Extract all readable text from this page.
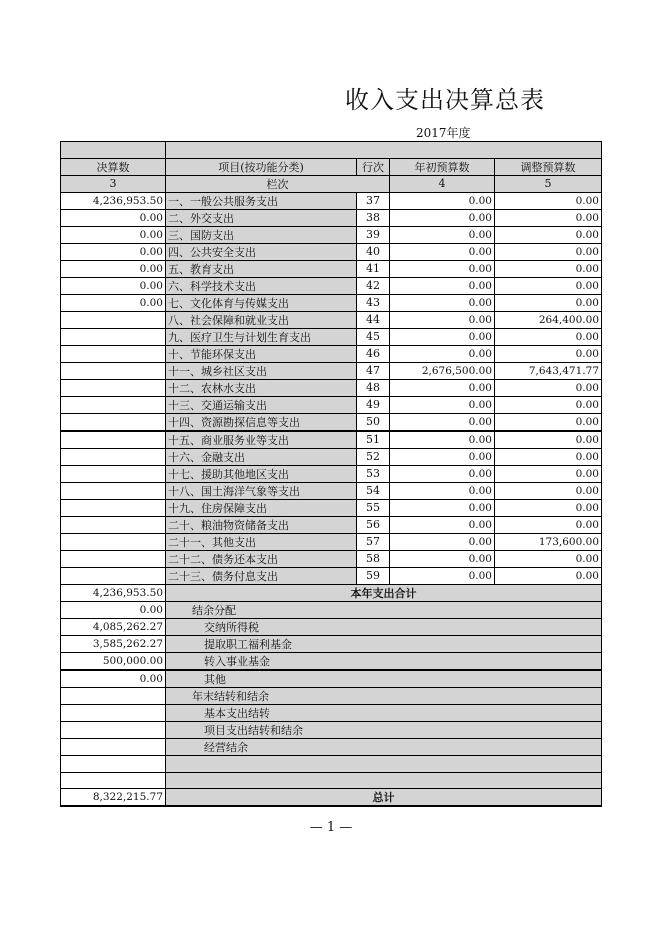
收入支出决算总表
2017年度

决算数	项目(按功能分类)	行次	年初预算数	调整预算数
3	栏次		4	5
4,236,953.50	一、一般公共服务支出	37	0.00	0.00
0.00	二、外交支出	38	0.00	0.00
0.00	三、国防支出	39	0.00	0.00
0.00	四、公共安全支出	40	0.00	0.00
0.00	五、教育支出	41	0.00	0.00
0.00	六、科学技术支出	42	0.00	0.00
0.00	七、文化体育与传媒支出	43	0.00	0.00
	八、社会保障和就业支出	44	0.00	264,400.00
	九、医疗卫生与计划生育支出	45	0.00	0.00
	十、节能环保支出	46	0.00	0.00
	十一、城乡社区支出	47	2,676,500.00	7,643,471.77
	十二、农林水支出	48	0.00	0.00
	十三、交通运输支出	49	0.00	0.00
	十四、资源勘探信息等支出	50	0.00	0.00
	十五、商业服务业等支出	51	0.00	0.00
	十六、金融支出	52	0.00	0.00
	十七、援助其他地区支出	53	0.00	0.00
	十八、国土海洋气象等支出	54	0.00	0.00
	十九、住房保障支出	55	0.00	0.00
	二十、粮油物资储备支出	56	0.00	0.00
	二十一、其他支出	57	0.00	173,600.00
	二十二、债务还本支出	58	0.00	0.00
	二十三、债务付息支出	59	0.00	0.00
4,236,953.50	本年支出合计			
0.00	结余分配			
4,085,262.27	交纳所得税			
3,585,262.27	提取职工福利基金			
500,000.00	转入事业基金			
0.00	其他			
	年末结转和结余			
	基本支出结转			
	项目支出结转和结余			
	经营结余			

8,322,215.77	总计			
— 1 —
